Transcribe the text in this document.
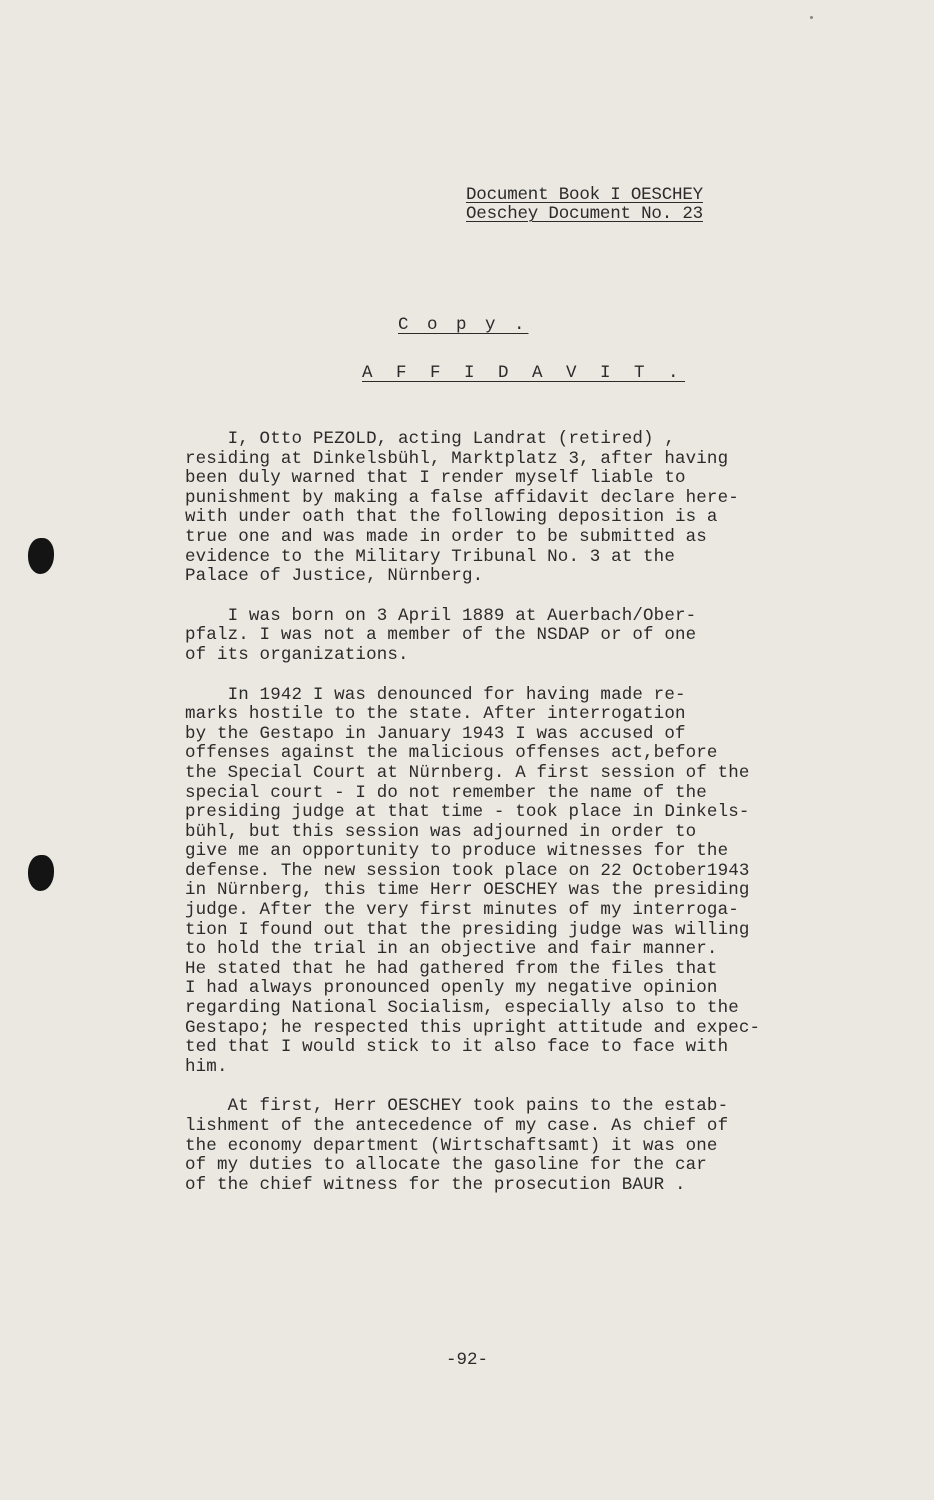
Document Book I OESCHEY
Oeschey Document No. 23
C o p y .
A F F I D A V I T .
I, Otto PEZOLD, acting Landrat (retired) ,
residing at Dinkelsbühl, Marktplatz 3, after having
been duly warned that I render myself liable to
punishment by making a false affidavit declare here-
with under oath that the following deposition is a
true one and was made in order to be submitted as
evidence to the Military Tribunal No. 3 at the
Palace of Justice, Nürnberg.
I was born on 3 April 1889 at Auerbach/Ober-
pfalz. I was not a member of the NSDAP or of one
of its organizations.
In 1942 I was denounced for having made re-
marks hostile to the state. After interrogation
by the Gestapo in January 1943 I was accused of
offenses against the malicious offenses act,before
the Special Court at Nürnberg. A first session of the
special court - I do not remember the name of the
presiding judge at that time - took place in Dinkels-
bühl, but this session was adjourned in order to
give me an opportunity to produce witnesses for the
defense. The new session took place on 22 October1943
in Nürnberg, this time Herr OESCHEY was the presiding
judge. After the very first minutes of my interroga-
tion I found out that the presiding judge was willing
to hold the trial in an objective and fair manner.
He stated that he had gathered from the files that
I had always pronounced openly my negative opinion
regarding National Socialism, especially also to the
Gestapo; he respected this upright attitude and expec-
ted that I would stick to it also face to face with
him.
At first, Herr OESCHEY took pains to the estab-
lishment of the antecedence of my case. As chief of
the economy department (Wirtschaftsamt) it was one
of my duties to allocate the gasoline for the car
of the chief witness for the prosecution BAUR .
-92-
